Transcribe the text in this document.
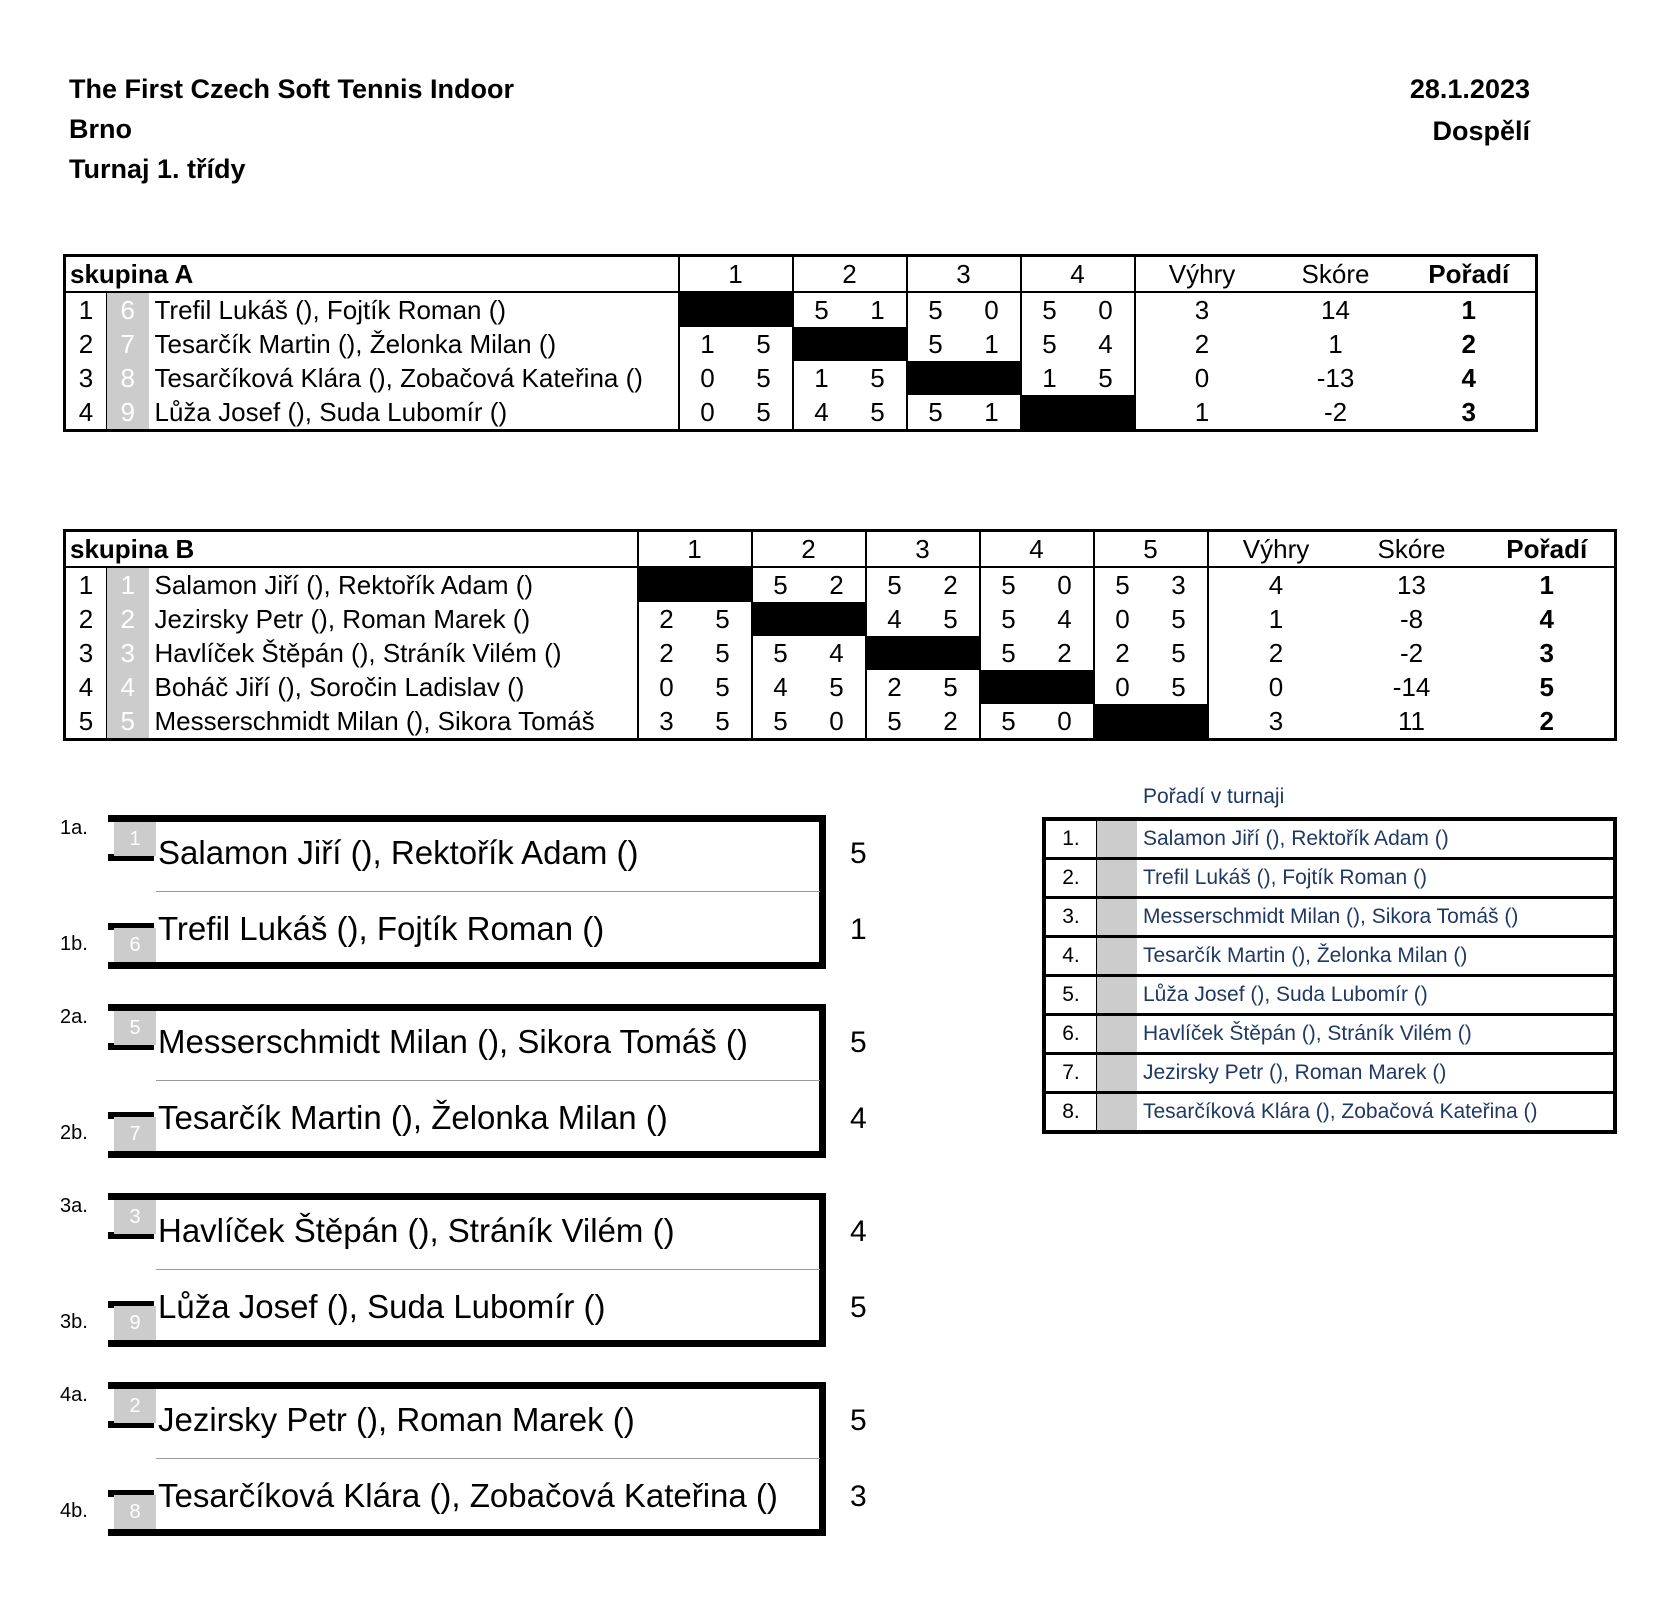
The First Czech Soft Tennis Indoor
Brno
Turnaj 1. třídy
28.1.2023
Dospělí
skupina A			1		2		3		4		Výhry	Skóre	Pořadí
1	6	Trefil Lukáš (), Fojtík Roman ()			5	1	5	0	5	0	3	14	1
2	7	Tesarčík Martin (), Želonka Milan ()	1	5			5	1	5	4	2	1	2
3	8	Tesarčíková Klára (), Zobačová Kateřina ()	0	5	1	5			1	5	0	-13	4
4	9	Lůža Josef (), Suda Lubomír ()	0	5	4	5	5	1			1	-2	3
skupina B			1		2		3		4		5		Výhry	Skóre	Pořadí
1	1	Salamon Jiří (), Rektořík Adam ()			5	2	5	2	5	0	5	3	4	13	1
2	2	Jezirsky Petr (), Roman Marek ()	2	5			4	5	5	4	0	5	1	-8	4
3	3	Havlíček Štěpán (), Stráník Vilém ()	2	5	5	4			5	2	2	5	2	-2	3
4	4	Boháč Jiří (), Soročin Ladislav ()	0	5	4	5	2	5			0	5	0	-14	5
5	5	Messerschmidt Milan (), Sikora Tomáš	3	5	5	0	5	2	5	0			3	11	2
1
6
1a.
1b.
Salamon Jiří (), Rektořík Adam ()
Trefil Lukáš (), Fojtík Roman ()
5
1
5
7
2a.
2b.
Messerschmidt Milan (), Sikora Tomáš ()
Tesarčík Martin (), Želonka Milan ()
5
4
3
9
3a.
3b.
Havlíček Štěpán (), Stráník Vilém ()
Lůža Josef (), Suda Lubomír ()
4
5
2
8
4a.
4b.
Jezirsky Petr (), Roman Marek ()
Tesarčíková Klára (), Zobačová Kateřina ()
5
3
Pořadí v turnaji
1.		Salamon Jiří (), Rektořík Adam ()
2.		Trefil Lukáš (), Fojtík Roman ()
3.		Messerschmidt Milan (), Sikora Tomáš ()
4.		Tesarčík Martin (), Želonka Milan ()
5.		Lůža Josef (), Suda Lubomír ()
6.		Havlíček Štěpán (), Stráník Vilém ()
7.		Jezirsky Petr (), Roman Marek ()
8.		Tesarčíková Klára (), Zobačová Kateřina ()
